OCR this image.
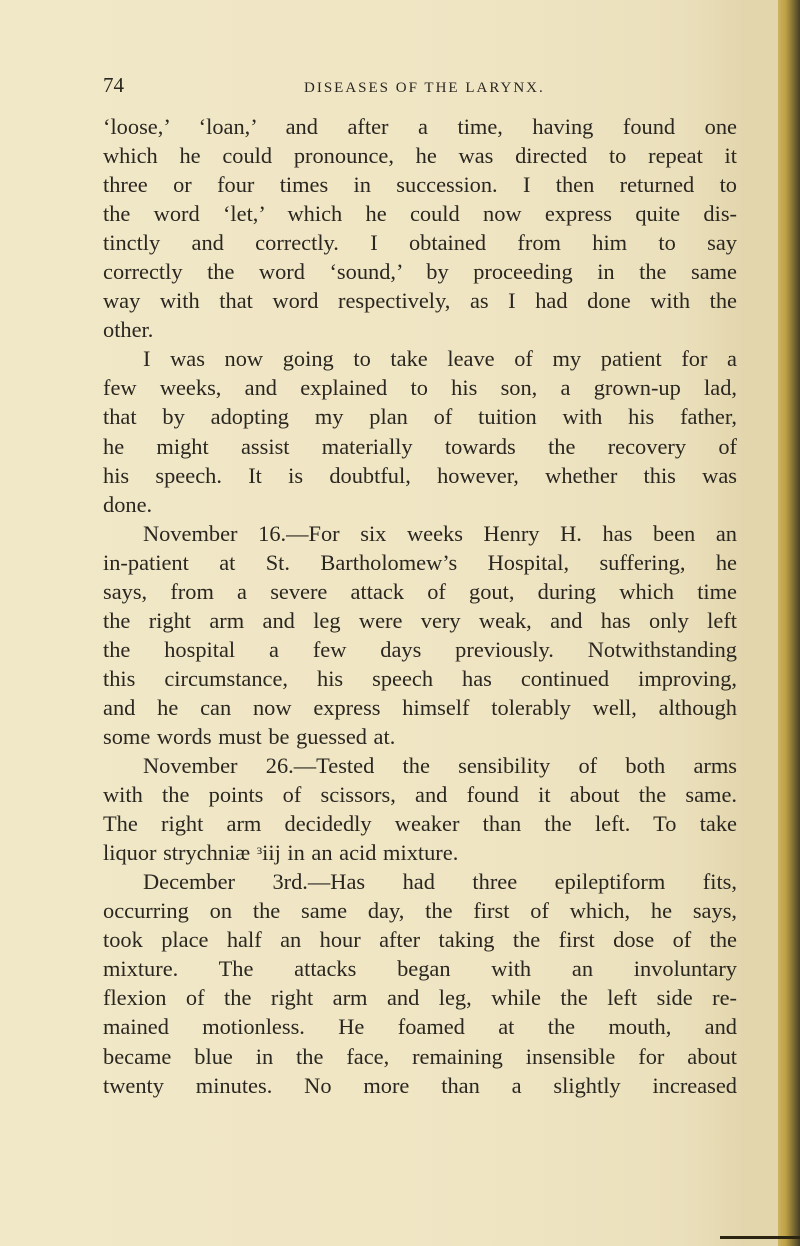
74	DISEASES OF THE LARYNX.
‘loose,’ ‘loan,’ and after a time, having found one
which he could pronounce, he was directed to repeat it
three or four times in succession. I then returned to
the word ‘let,’ which he could now express quite dis-
tinctly and correctly. I obtained from him to say
correctly the word ‘sound,’ by proceeding in the same
way with that word respectively, as I had done with the
other.
I was now going to take leave of my patient for a
few weeks, and explained to his son, a grown-up lad,
that by adopting my plan of tuition with his father,
he might assist materially towards the recovery of
his speech. It is doubtful, however, whether this was
done.
November 16.—For six weeks Henry H. has been an
in-patient at St. Bartholomew’s Hospital, suffering, he
says, from a severe attack of gout, during which time
the right arm and leg were very weak, and has only left
the hospital a few days previously. Notwithstanding
this circumstance, his speech has continued improving,
and he can now express himself tolerably well, although
some words must be guessed at.
November 26.—Tested the sensibility of both arms
with the points of scissors, and found it about the same.
The right arm decidedly weaker than the left. To take
liquor strychniæ ᶟiij in an acid mixture.
December 3rd.—Has had three epileptiform fits,
occurring on the same day, the first of which, he says,
took place half an hour after taking the first dose of the
mixture. The attacks began with an involuntary
flexion of the right arm and leg, while the left side re-
mained motionless. He foamed at the mouth, and
became blue in the face, remaining insensible for about
twenty minutes. No more than a slightly increased
